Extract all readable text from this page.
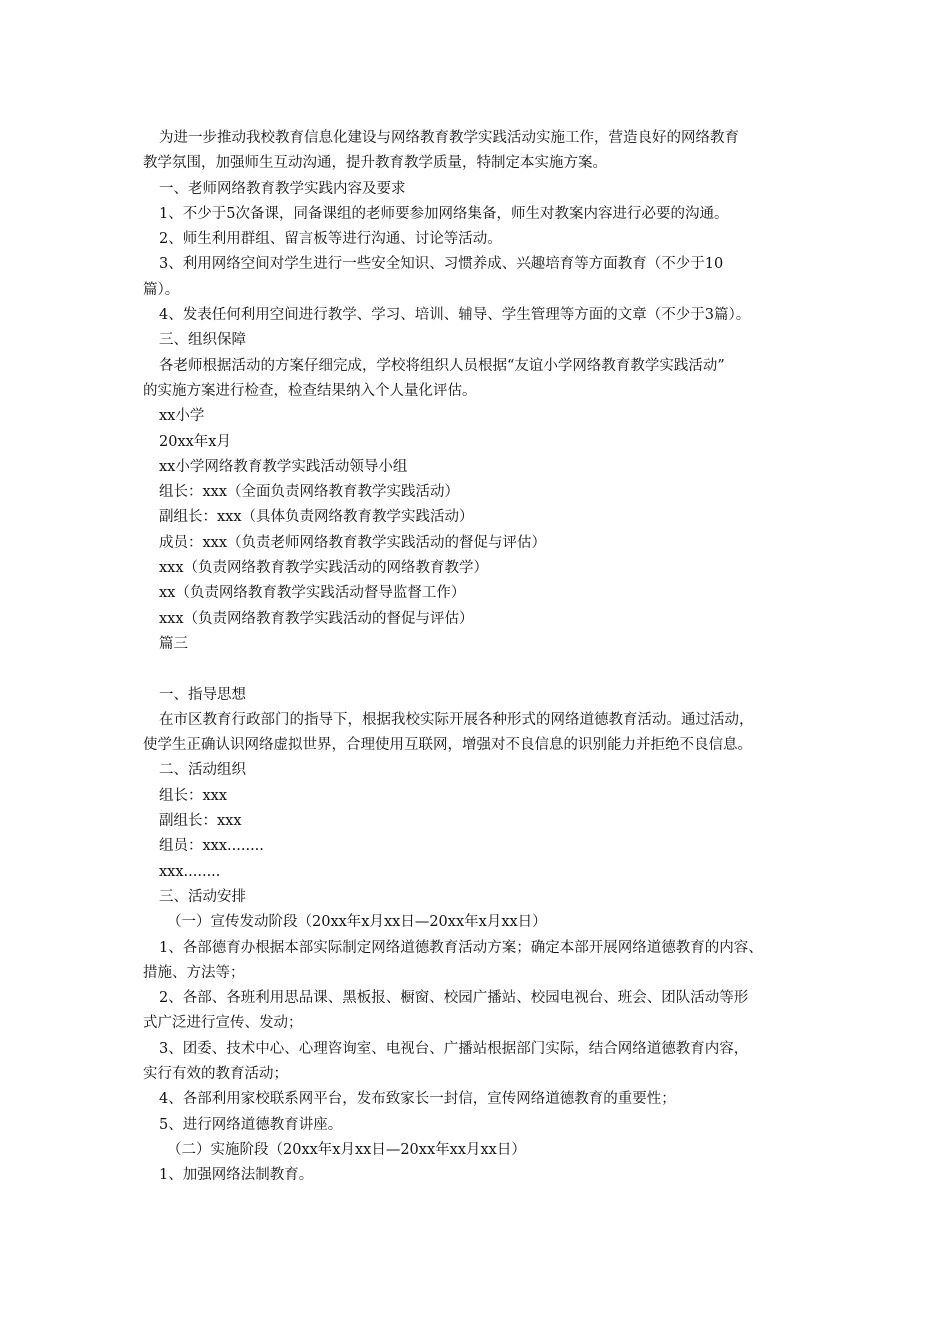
为进一步推动我校教育信息化建设与网络教育教学实践活动实施工作，营造良好的网络教育
教学氛围，加强师生互动沟通，提升教育教学质量，特制定本实施方案。
一、老师网络教育教学实践内容及要求
1、不少于5次备课，同备课组的老师要参加网络集备，师生对教案内容进行必要的沟通。
2、师生利用群组、留言板等进行沟通、讨论等活动。
3、利用网络空间对学生进行一些安全知识、习惯养成、兴趣培育等方面教育（不少于10
篇）。
4、发表任何利用空间进行教学、学习、培训、辅导、学生管理等方面的文章（不少于3篇）。
三、组织保障
各老师根据活动的方案仔细完成，学校将组织人员根据“友谊小学网络教育教学实践活动”
的实施方案进行检查，检查结果纳入个人量化评估。
xx小学
20xx年x月
xx小学网络教育教学实践活动领导小组
组长：xxx（全面负责网络教育教学实践活动）
副组长：xxx（具体负责网络教育教学实践活动）
成员：xxx（负责老师网络教育教学实践活动的督促与评估）
xxx（负责网络教育教学实践活动的网络教育教学）
xx（负责网络教育教学实践活动督导监督工作）
xxx（负责网络教育教学实践活动的督促与评估）
篇三
一、指导思想
在市区教育行政部门的指导下，根据我校实际开展各种形式的网络道德教育活动。通过活动，
使学生正确认识网络虚拟世界，合理使用互联网，增强对不良信息的识别能力并拒绝不良信息。
二、活动组织
组长：xxx
副组长：xxx
组员：xxx........
xxx........
三、活动安排
（一）宣传发动阶段（20xx年x月xx日—20xx年x月xx日）
1、各部德育办根据本部实际制定网络道德教育活动方案；确定本部开展网络道德教育的内容、
措施、方法等；
2、各部、各班利用思品课、黑板报、橱窗、校园广播站、校园电视台、班会、团队活动等形
式广泛进行宣传、发动；
3、团委、技术中心、心理咨询室、电视台、广播站根据部门实际，结合网络道德教育内容，
实行有效的教育活动；
4、各部利用家校联系网平台，发布致家长一封信，宣传网络道德教育的重要性；
5、进行网络道德教育讲座。
（二）实施阶段（20xx年x月xx日—20xx年xx月xx日）
1、加强网络法制教育。
